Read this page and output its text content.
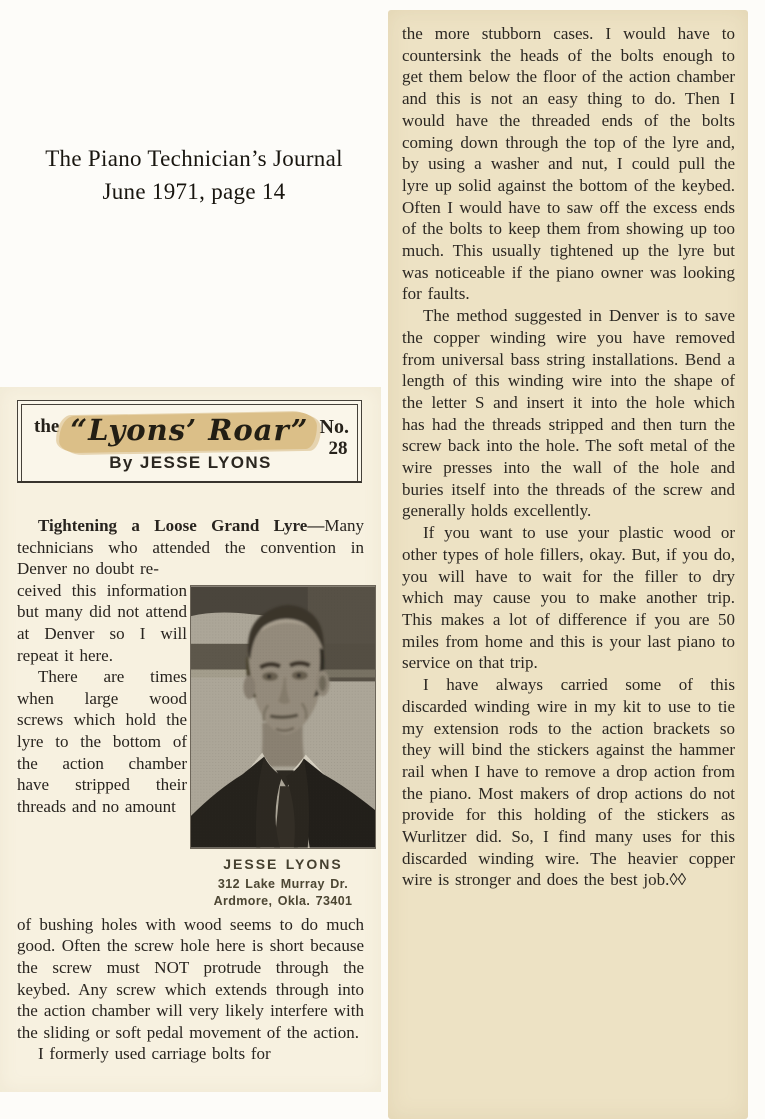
The Piano Technician’s Journal
June 1971, page 14
the “Lyons’ Roar” No.
28
By JESSE LYONS
JESSE LYONS
312 Lake Murray Dr.
Ardmore, Okla. 73401

Tightening a Loose Grand Lyre—Many technicians who attended the convention in Denver no doubt re-

ceived this information but many did not attend at Denver so I will repeat it here.

There are times when large wood screws which hold the lyre to the bottom of the action chamber have stripped their threads and no amount

of bushing holes with wood seems to do much good. Often the screw hole here is short because the screw must NOT protrude through the keybed. Any screw which extends through into the action chamber will very likely interfere with the sliding or soft pedal movement of the action.

I formerly used carriage bolts for

the more stubborn cases. I would have to countersink the heads of the bolts enough to get them below the floor of the action chamber and this is not an easy thing to do. Then I would have the threaded ends of the bolts coming down through the top of the lyre and, by using a washer and nut, I could pull the lyre up solid against the bottom of the keybed. Often I would have to saw off the excess ends of the bolts to keep them from showing up too much. This usually tightened up the lyre but was noticeable if the piano owner was looking for faults.

The method suggested in Denver is to save the copper winding wire you have removed from universal bass string installations. Bend a length of this winding wire into the shape of the letter S and insert it into the hole which has had the threads stripped and then turn the screw back into the hole. The soft metal of the wire presses into the wall of the hole and buries itself into the threads of the screw and generally holds excellently.

If you want to use your plastic wood or other types of hole fillers, okay. But, if you do, you will have to wait for the filler to dry which may cause you to make another trip. This makes a lot of difference if you are 50 miles from home and this is your last piano to service on that trip.

I have always carried some of this discarded winding wire in my kit to use to tie my extension rods to the action brackets so they will bind the stickers against the hammer rail when I have to remove a drop action from the piano. Most makers of drop actions do not provide for this holding of the stickers as Wurlitzer did. So, I find many uses for this discarded winding wire. The heavier copper wire is stronger and does the best job.◊◊
